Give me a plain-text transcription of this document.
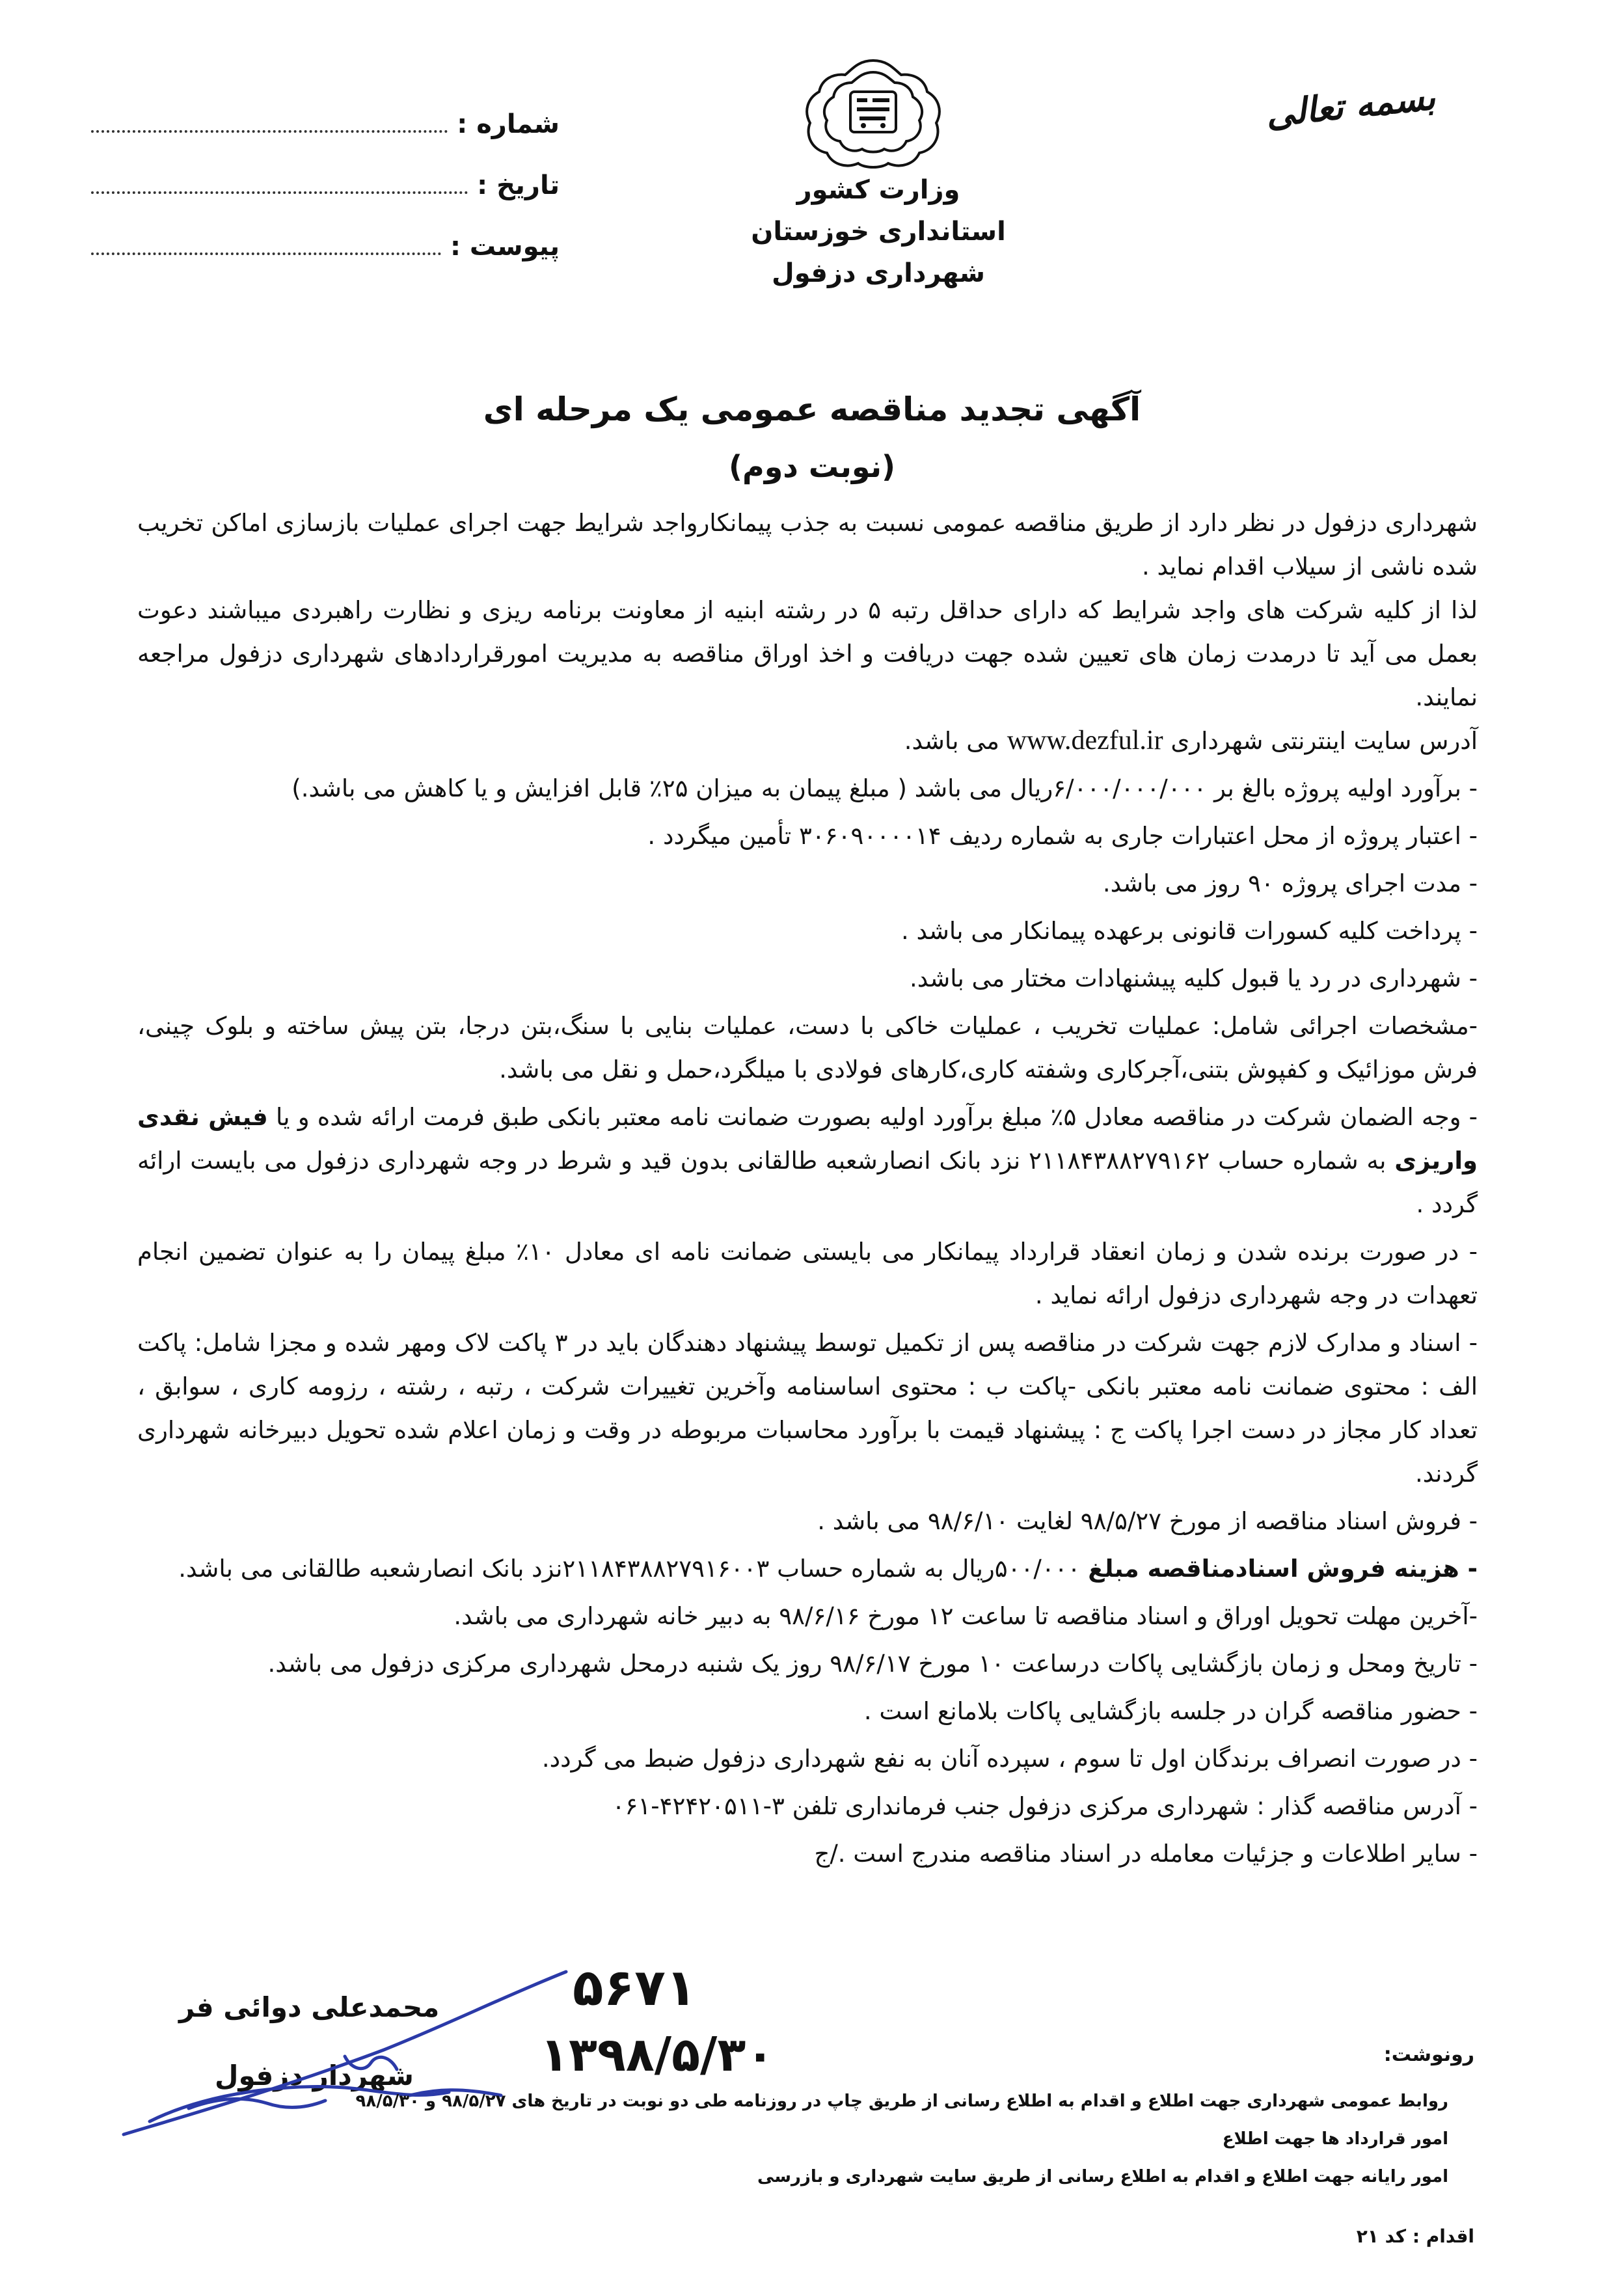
شماره :
تاریخ :
پیوست :
وزارت کشور
استانداری خوزستان
شهرداری دزفول
بسمه تعالی
آگهی تجدید مناقصه عمومی یک مرحله ای
(نوبت دوم)

شهرداری دزفول در نظر دارد از طریق مناقصه عمومی نسبت به جذب پیمانکارواجد شرایط جهت اجرای عملیات بازسازی اماکن تخریب شده ناشی از سیلاب اقدام نماید .

لذا از کلیه شرکت های واجد شرایط که دارای حداقل رتبه ۵ در رشته ابنیه از معاونت برنامه ریزی و نظارت راهبردی میباشند دعوت بعمل می آید تا درمدت زمان های تعیین شده جهت دریافت و اخذ اوراق مناقصه به مدیریت امورقراردادهای شهرداری دزفول مراجعه نمایند.

آدرس سایت اینترنتی شهرداری www.dezful.ir می باشد.

- برآورد اولیه پروژه بالغ بر ۶/۰۰۰/۰۰۰/۰۰۰ریال می باشد ( مبلغ پیمان به میزان ۲۵٪ قابل افزایش و یا کاهش می باشد.)

- اعتبار پروژه از محل اعتبارات جاری به شماره ردیف ۳۰۶۰۹۰۰۰۰۱۴ تأمین میگردد .

- مدت اجرای پروژه ۹۰ روز می باشد.

- پرداخت کلیه کسورات قانونی برعهده پیمانکار می باشد .

- شهرداری در رد یا قبول کلیه پیشنهادات مختار می باشد.

-مشخصات اجرائی شامل: عملیات تخریب ، عملیات خاکی با دست، عملیات بنایی با سنگ،بتن درجا، بتن پیش ساخته و بلوک چینی، فرش موزائیک و کفپوش بتنی،آجرکاری وشفته کاری،کارهای فولادی با میلگرد،حمل و نقل می باشد.

- وجه الضمان شرکت در مناقصه معادل ۵٪ مبلغ برآورد اولیه بصورت ضمانت نامه معتبر بانکی طبق فرمت ارائه شده و یا فیش نقدی واریزی به شماره حساب ۲۱۱۸۴۳۸۸۲۷۹۱۶۲ نزد بانک انصارشعبه طالقانی بدون قید و شرط در وجه شهرداری دزفول می بایست ارائه گردد .

- در صورت برنده شدن و زمان انعقاد قرارداد پیمانکار می بایستی ضمانت نامه ای معادل ۱۰٪ مبلغ پیمان را به عنوان تضمین انجام تعهدات در وجه شهرداری دزفول ارائه نماید .

- اسناد و مدارک لازم جهت شرکت در مناقصه پس از تکمیل توسط پیشنهاد دهندگان باید در ۳ پاکت لاک ومهر شده و مجزا شامل: پاکت الف : محتوی ضمانت نامه معتبر بانکی -پاکت ب : محتوی اساسنامه وآخرین تغییرات شرکت ، رتبه ، رشته ، رزومه کاری ، سوابق ، تعداد کار مجاز در دست اجرا پاکت ج : پیشنهاد قیمت با برآورد محاسبات مربوطه در وقت و زمان اعلام شده تحویل دبیرخانه شهرداری گردند.

- فروش اسناد مناقصه از مورخ ۹۸/۵/۲۷ لغایت ۹۸/۶/۱۰ می باشد .

- هزینه فروش اسنادمناقصه مبلغ ۵۰۰/۰۰۰ریال به شماره حساب ۲۱۱۸۴۳۸۸۲۷۹۱۶۰۰۳نزد بانک انصارشعبه طالقانی می باشد.

-آخرین مهلت تحویل اوراق و اسناد مناقصه تا ساعت ۱۲ مورخ ۹۸/۶/۱۶ به دبیر خانه شهرداری می باشد.

- تاریخ ومحل و زمان بازگشایی پاکات درساعت ۱۰ مورخ ۹۸/۶/۱۷ روز یک شنبه درمحل شهرداری مرکزی دزفول می باشد.

- حضور مناقصه گران در جلسه بازگشایی پاکات بلامانع است .

- در صورت انصراف برندگان اول تا سوم ، سپرده آنان به نفع شهرداری دزفول ضبط می گردد.

- آدرس مناقصه گذار : شهرداری مرکزی دزفول جنب فرمانداری تلفن ۳-۴۲۴۲۰۵۱۱-۰۶۱

- سایر اطلاعات و جزئیات معامله در اسناد مناقصه مندرج است ./ج

۵۶۷۱
۱۳۹۸/۵/۳۰
محمدعلی دوائی فر
شهردار دزفول
رونوشت:
روابط عمومی شهرداری جهت اطلاع و اقدام به اطلاع رسانی از طریق چاپ در روزنامه طی دو نوبت در تاریخ های ۹۸/۵/۲۷ و ۹۸/۵/۳۰
امور قرارداد ها جهت اطلاع
امور رایانه جهت اطلاع و اقدام به اطلاع رسانی از طریق سایت شهرداری و بازرسی
اقدام : کد ۲۱
